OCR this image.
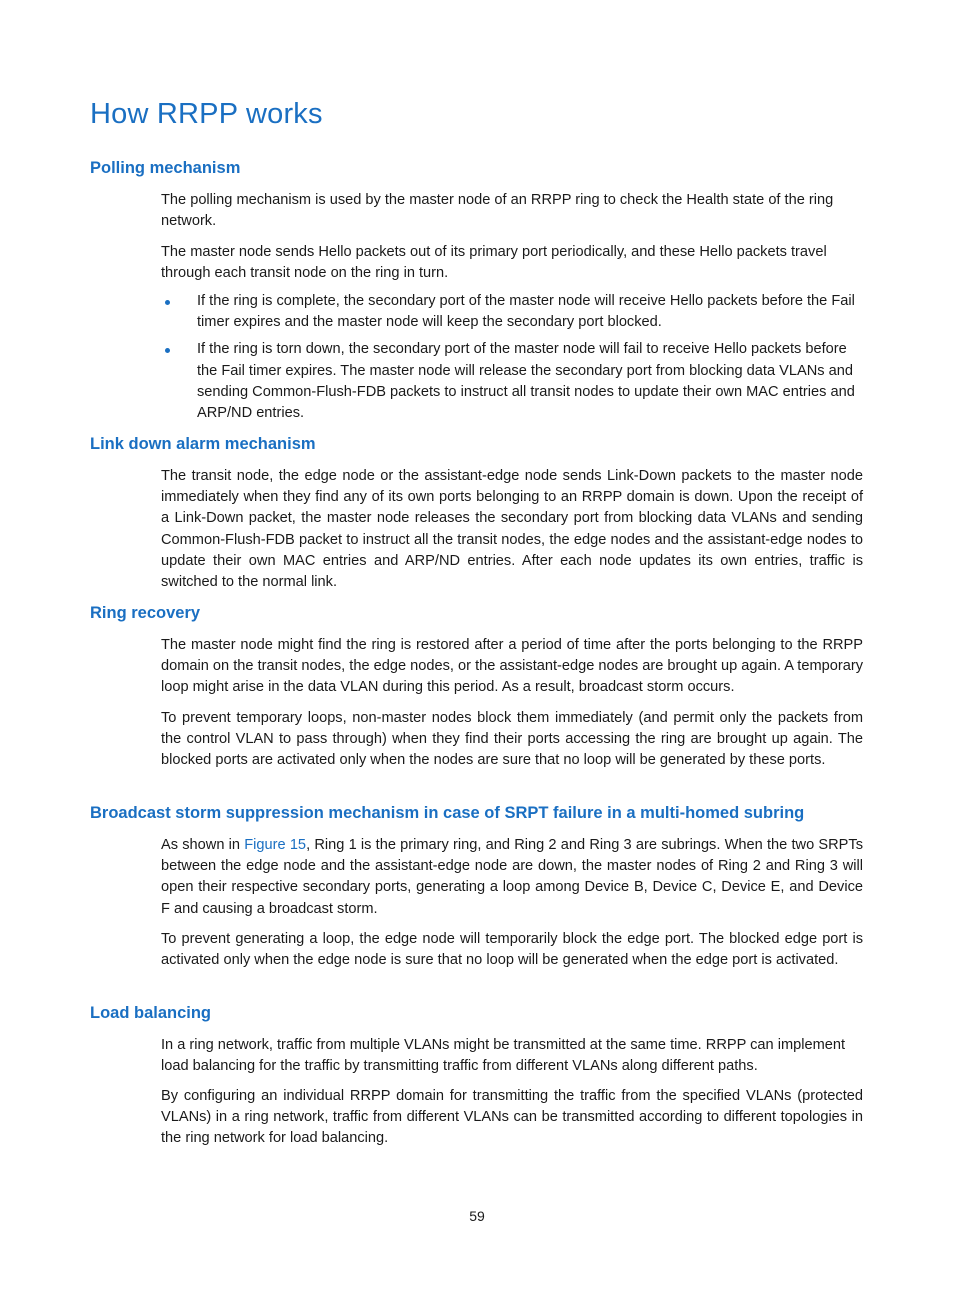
How RRPP works
Polling mechanism

The polling mechanism is used by the master node of an RRPP ring to check the Health state of the ring network.

The master node sends Hello packets out of its primary port periodically, and these Hello packets travel through each transit node on the ring in turn.

If the ring is complete, the secondary port of the master node will receive Hello packets before the Fail timer expires and the master node will keep the secondary port blocked.
If the ring is torn down, the secondary port of the master node will fail to receive Hello packets before the Fail timer expires. The master node will release the secondary port from blocking data VLANs and sending Common-Flush-FDB packets to instruct all transit nodes to update their own MAC entries and ARP/ND entries.
Link down alarm mechanism

The transit node, the edge node or the assistant-edge node sends Link-Down packets to the master node immediately when they find any of its own ports belonging to an RRPP domain is down. Upon the receipt of a Link-Down packet, the master node releases the secondary port from blocking data VLANs and sending Common-Flush-FDB packet to instruct all the transit nodes, the edge nodes and the assistant-edge nodes to update their own MAC entries and ARP/ND entries. After each node updates its own entries, traffic is switched to the normal link.

Ring recovery

The master node might find the ring is restored after a period of time after the ports belonging to the RRPP domain on the transit nodes, the edge nodes, or the assistant-edge nodes are brought up again. A temporary loop might arise in the data VLAN during this period. As a result, broadcast storm occurs.

To prevent temporary loops, non-master nodes block them immediately (and permit only the packets from the control VLAN to pass through) when they find their ports accessing the ring are brought up again. The blocked ports are activated only when the nodes are sure that no loop will be generated by these ports.

Broadcast storm suppression mechanism in case of SRPT failure in a multi-homed subring

As shown in Figure 15, Ring 1 is the primary ring, and Ring 2 and Ring 3 are subrings. When the two SRPTs between the edge node and the assistant-edge node are down, the master nodes of Ring 2 and Ring 3 will open their respective secondary ports, generating a loop among Device B, Device C, Device E, and Device F and causing a broadcast storm.

To prevent generating a loop, the edge node will temporarily block the edge port. The blocked edge port is activated only when the edge node is sure that no loop will be generated when the edge port is activated.

Load balancing

In a ring network, traffic from multiple VLANs might be transmitted at the same time. RRPP can implement load balancing for the traffic by transmitting traffic from different VLANs along different paths.

By configuring an individual RRPP domain for transmitting the traffic from the specified VLANs (protected VLANs) in a ring network, traffic from different VLANs can be transmitted according to different topologies in the ring network for load balancing.

59
